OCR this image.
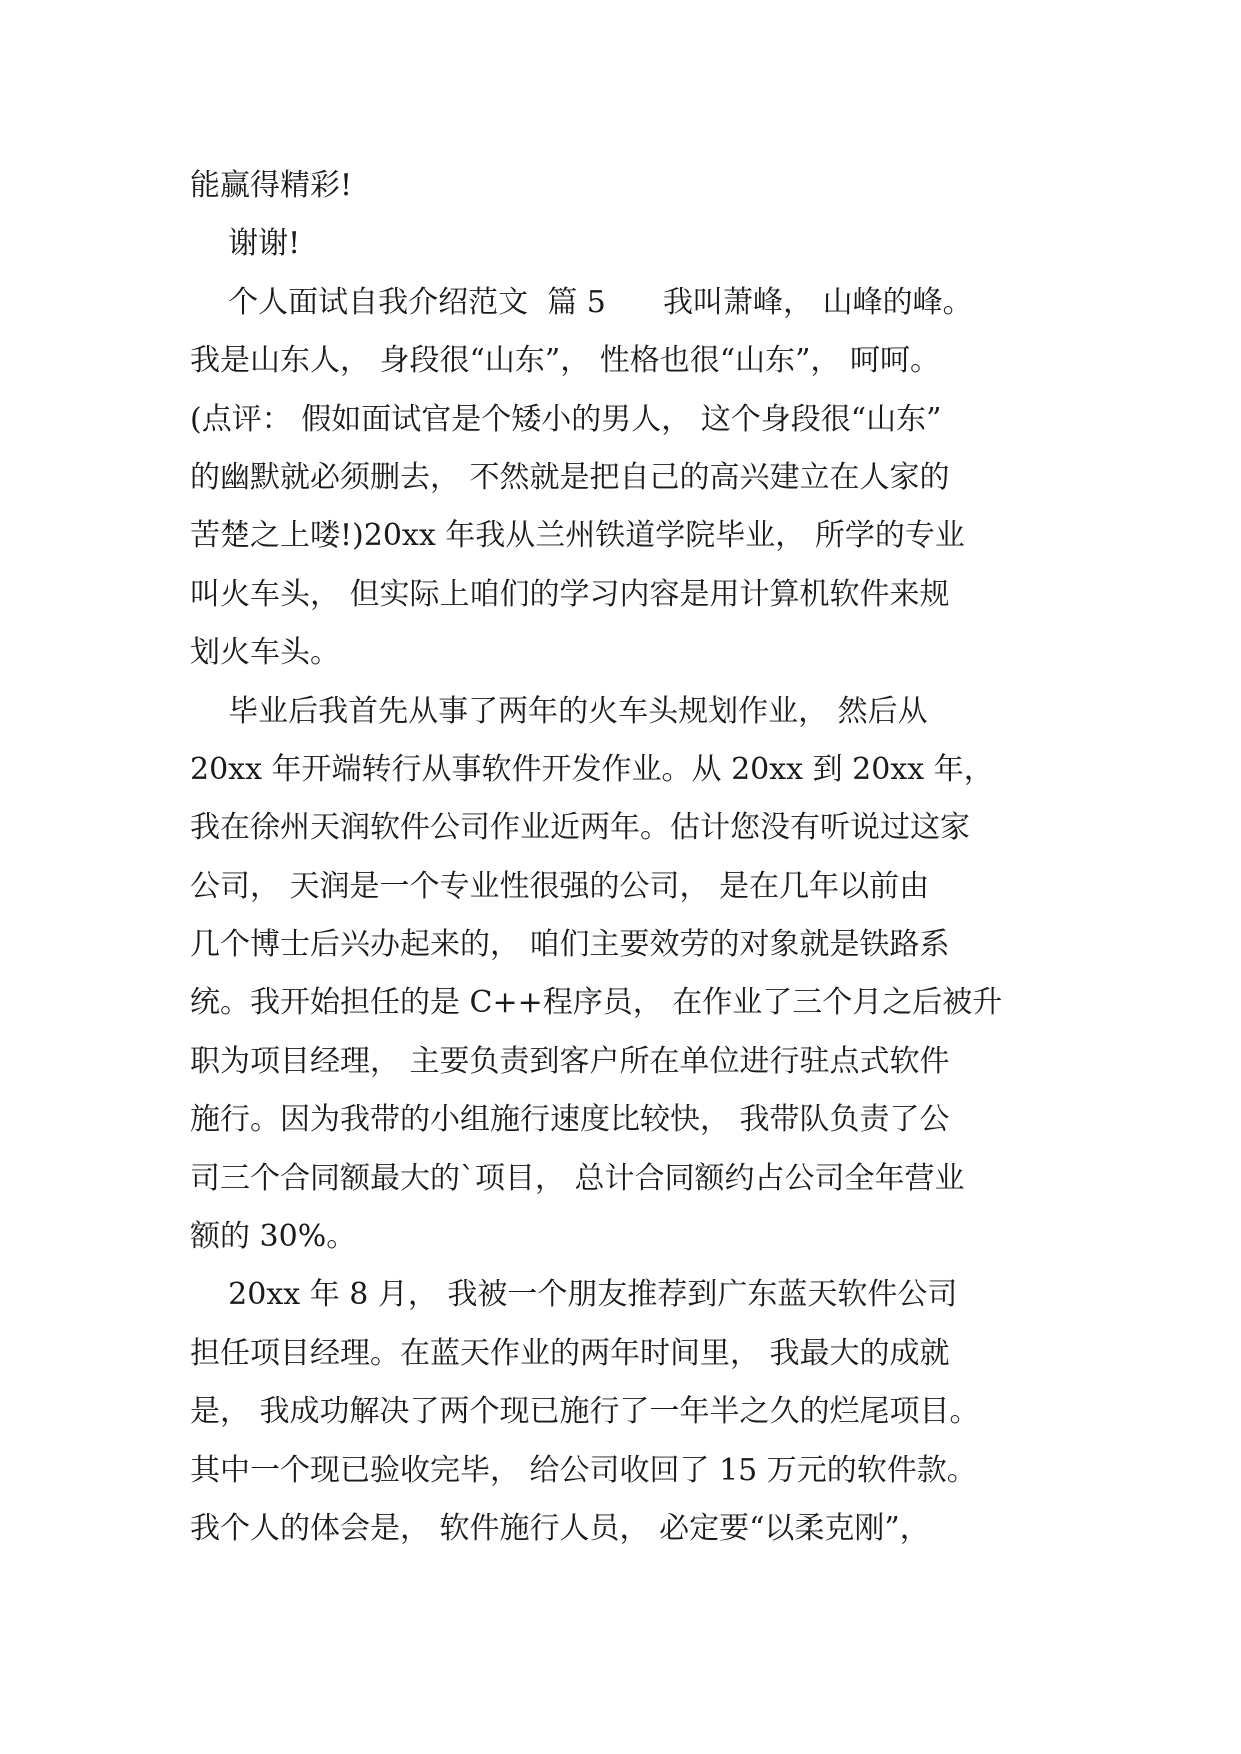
能赢得精彩!
谢谢!
个人面试自我介绍范文  篇 5      我叫萧峰， 山峰的峰。
我是山东人， 身段很“山东”， 性格也很“山东”， 呵呵。
(点评： 假如面试官是个矮小的男人， 这个身段很“山东”
的幽默就必须删去， 不然就是把自己的高兴建立在人家的
苦楚之上喽!)20xx 年我从兰州铁道学院毕业， 所学的专业
叫火车头， 但实际上咱们的学习内容是用计算机软件来规
划火车头。
毕业后我首先从事了两年的火车头规划作业， 然后从
20xx 年开端转行从事软件开发作业。从 20xx 到 20xx 年，
我在徐州天润软件公司作业近两年。估计您没有听说过这家
公司， 天润是一个专业性很强的公司， 是在几年以前由
几个博士后兴办起来的， 咱们主要效劳的对象就是铁路系
统。我开始担任的是 C++程序员， 在作业了三个月之后被升
职为项目经理， 主要负责到客户所在单位进行驻点式软件
施行。因为我带的小组施行速度比较快， 我带队负责了公
司三个合同额最大的`项目， 总计合同额约占公司全年营业
额的 30%。
20xx 年 8 月， 我被一个朋友推荐到广东蓝天软件公司
担任项目经理。在蓝天作业的两年时间里， 我最大的成就
是， 我成功解决了两个现已施行了一年半之久的烂尾项目。
其中一个现已验收完毕， 给公司收回了 15 万元的软件款。
我个人的体会是， 软件施行人员， 必定要“以柔克刚”，
